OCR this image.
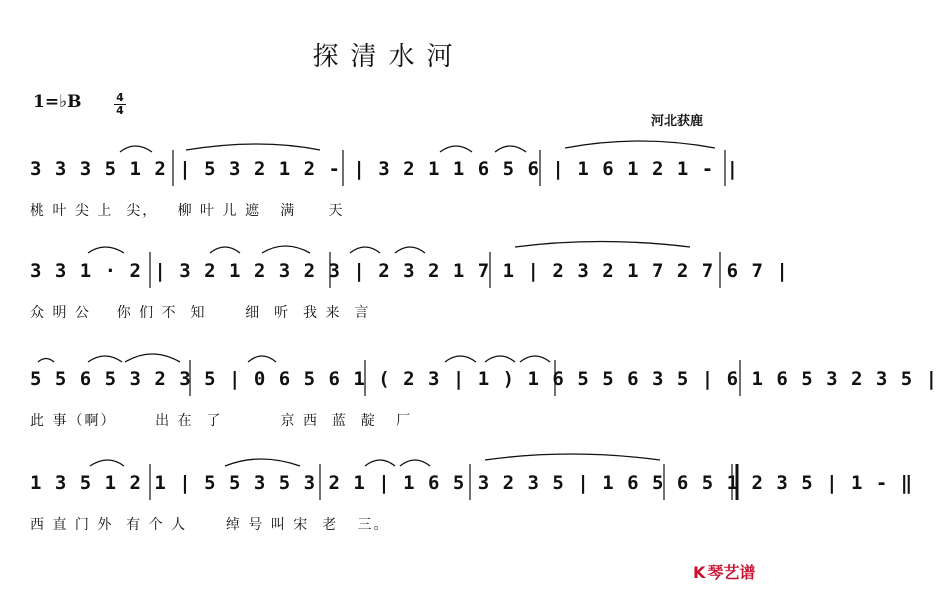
探清水河
1=♭B	4
4
河北获鹿
3 3 3 5 1 2 | 5 3 2 1 2 - | 3 2 1 1 6 5 6 | 1 6 1 2 1 - |
桃 叶 尖 上  尖，   柳 叶 儿 遮   满     天
3 3 1 · 2 | 3 2 1 2 3 2 3 | 2 3 2 1 7 1 | 2 3 2 1 7 2 7 6 7 |
众 明 公    你 们 不  知      细  听  我 来  言
5 5 6 5 3 2 3 5 | 0 6 5 6 1 ( 2 3 | 1 ) 1 6 5 5 6 3 5 | 6 1 6 5 3 2 3 5 |
此 事（啊）      出 在  了         京 西  蓝  靛   厂
1 3 5 1 2 1 | 5 5 3 5 3 2 1 | 1 6 5 3 2 3 5 | 1 6 5 6 5 1 2 3 5 | 1 - ‖
西 直 门 外  有 个 人      绰 号 叫 宋  老   三。
K 琴艺谱
